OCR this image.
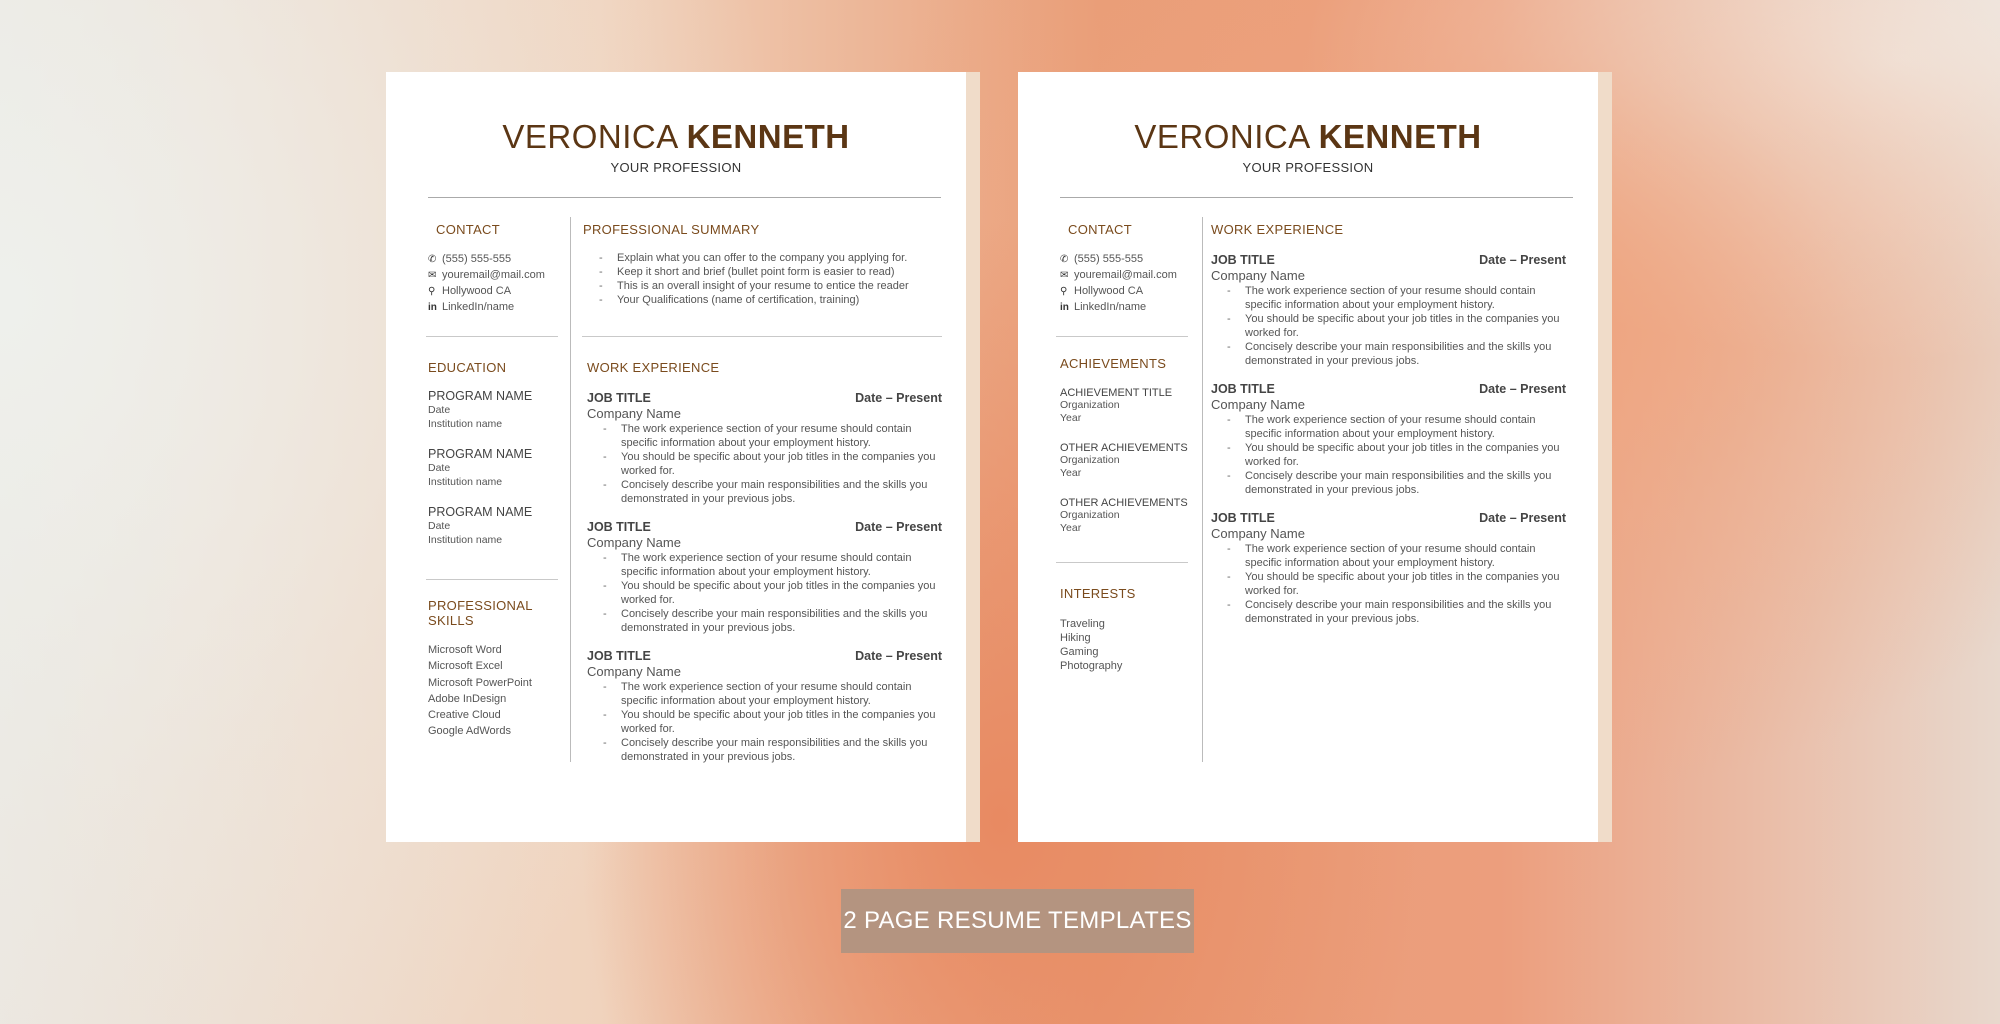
VERONICA KENNETH
YOUR PROFESSION
CONTACT
✆ (555) 555-555
✉ youremail@mail.com
⚲ Hollywood CA
in LinkedIn/name
EDUCATION
PROGRAM NAME
Date
Institution name
PROGRAM NAME
Date
Institution name
PROGRAM NAME
Date
Institution name
PROFESSIONAL
SKILLS
Microsoft Word
Microsoft Excel
Microsoft PowerPoint
Adobe InDesign
Creative Cloud
Google AdWords
PROFESSIONAL SUMMARY
- Explain what you can offer to the company you applying for.
- Keep it short and brief (bullet point form is easier to read)
- This is an overall insight of your resume to entice the reader
- Your Qualifications (name of certification, training)
WORK EXPERIENCE
JOB TITLE	Date – Present
Company Name
- The work experience section of your resume should contain specific information about your employment history.
- You should be specific about your job titles in the companies you worked for.
- Concisely describe your main responsibilities and the skills you demonstrated in your previous jobs.
JOB TITLE	Date – Present
Company Name
- The work experience section of your resume should contain specific information about your employment history.
- You should be specific about your job titles in the companies you worked for.
- Concisely describe your main responsibilities and the skills you demonstrated in your previous jobs.
JOB TITLE	Date – Present
Company Name
- The work experience section of your resume should contain specific information about your employment history.
- You should be specific about your job titles in the companies you worked for.
- Concisely describe your main responsibilities and the skills you demonstrated in your previous jobs.
VERONICA KENNETH
YOUR PROFESSION
CONTACT
✆ (555) 555-555
✉ youremail@mail.com
⚲ Hollywood CA
in LinkedIn/name
ACHIEVEMENTS
ACHIEVEMENT TITLE
Organization
Year
OTHER ACHIEVEMENTS
Organization
Year
OTHER ACHIEVEMENTS
Organization
Year
INTERESTS
Traveling
Hiking
Gaming
Photography
WORK EXPERIENCE
JOB TITLE	Date – Present
Company Name
- The work experience section of your resume should contain specific information about your employment history.
- You should be specific about your job titles in the companies you worked for.
- Concisely describe your main responsibilities and the skills you demonstrated in your previous jobs.
JOB TITLE	Date – Present
Company Name
- The work experience section of your resume should contain specific information about your employment history.
- You should be specific about your job titles in the companies you worked for.
- Concisely describe your main responsibilities and the skills you demonstrated in your previous jobs.
JOB TITLE	Date – Present
Company Name
- The work experience section of your resume should contain specific information about your employment history.
- You should be specific about your job titles in the companies you worked for.
- Concisely describe your main responsibilities and the skills you demonstrated in your previous jobs.
2 PAGE RESUME TEMPLATES
